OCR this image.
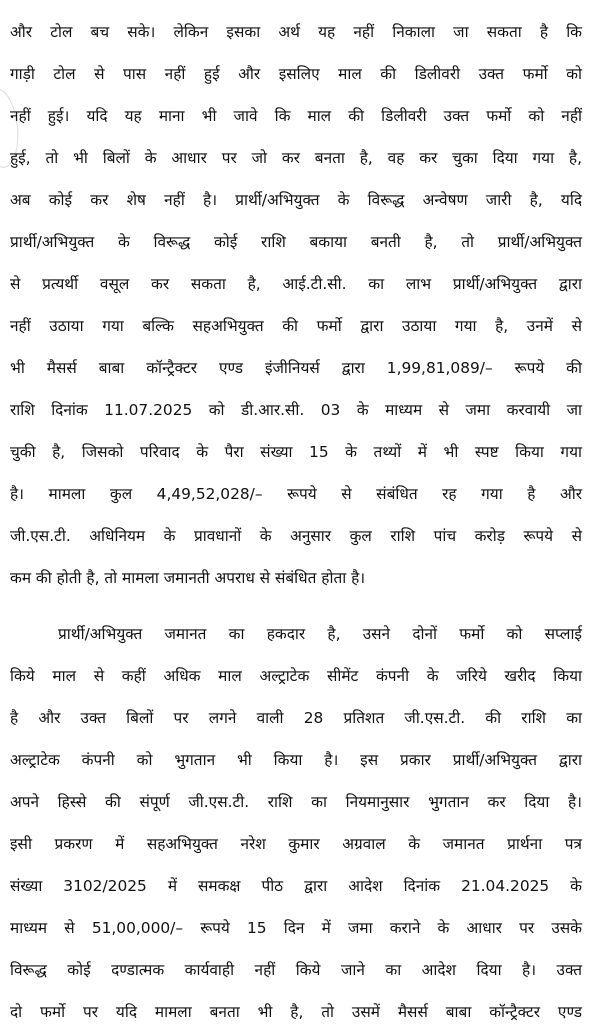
और टोल बच सके। लेकिन इसका अर्थ यह नहीं निकाला जा सकता है कि
गाड़ी टोल से पास नहीं हुई और इसलिए माल की डिलीवरी उक्त फर्मो को
नहीं हुई। यदि यह माना भी जावे कि माल की डिलीवरी उक्त फर्मो को नहीं
हुई, तो भी बिलों के आधार पर जो कर बनता है, वह कर चुका दिया गया है,
अब कोई कर शेष नहीं है। प्रार्थी/अभियुक्त के विरूद्ध अन्वेषण जारी है, यदि
प्रार्थी/अभियुक्त के विरूद्ध कोई राशि बकाया बनती है, तो प्रार्थी/अभियुक्त
से प्रत्यर्थी वसूल कर सकता है, आई.टी.सी. का लाभ प्रार्थी/अभियुक्त द्वारा
नहीं उठाया गया बल्कि सहअभियुक्त की फर्मो द्वारा उठाया गया है, उनमें से
भी मैसर्स बाबा कॉन्ट्रैक्टर एण्ड इंजीनियर्स द्वारा 1,99,81,089/– रूपये की
राशि दिनांक 11.07.2025 को डी.आर.सी. 03 के माध्यम से जमा करवायी जा
चुकी है, जिसको परिवाद के पैरा संख्या 15 के तथ्यों में भी स्पष्ट किया गया
है। मामला कुल 4,49,52,028/– रूपये से संबंधित रह गया है और
जी.एस.टी. अधिनियम के प्रावधानों के अनुसार कुल राशि पांच करोड़ रूपये से
कम की होती है, तो मामला जमानती अपराध से संबंधित होता है।
प्रार्थी/अभियुक्त जमानत का हकदार है, उसने दोनों फर्मो को सप्लाई
किये माल से कहीं अधिक माल अल्ट्राटेक सीमेंट कंपनी के जरिये खरीद किया
है और उक्त बिलों पर लगने वाली 28 प्रतिशत जी.एस.टी. की राशि का
अल्ट्राटेक कंपनी को भुगतान भी किया है। इस प्रकार प्रार्थी/अभियुक्त द्वारा
अपने हिस्से की संपूर्ण जी.एस.टी. राशि का नियमानुसार भुगतान कर दिया है।
इसी प्रकरण में सहअभियुक्त नरेश कुमार अग्रवाल के जमानत प्रार्थना पत्र
संख्या 3102/2025 में समकक्ष पीठ द्वारा आदेश दिनांक 21.04.2025 के
माध्यम से 51,00,000/– रूपये 15 दिन में जमा कराने के आधार पर उसके
विरूद्ध कोई दण्डात्मक कार्यवाही नहीं किये जाने का आदेश दिया है। उक्त
दो फर्मो पर यदि मामला बनता भी है, तो उसमें मैसर्स बाबा कॉन्ट्रैक्टर एण्ड
